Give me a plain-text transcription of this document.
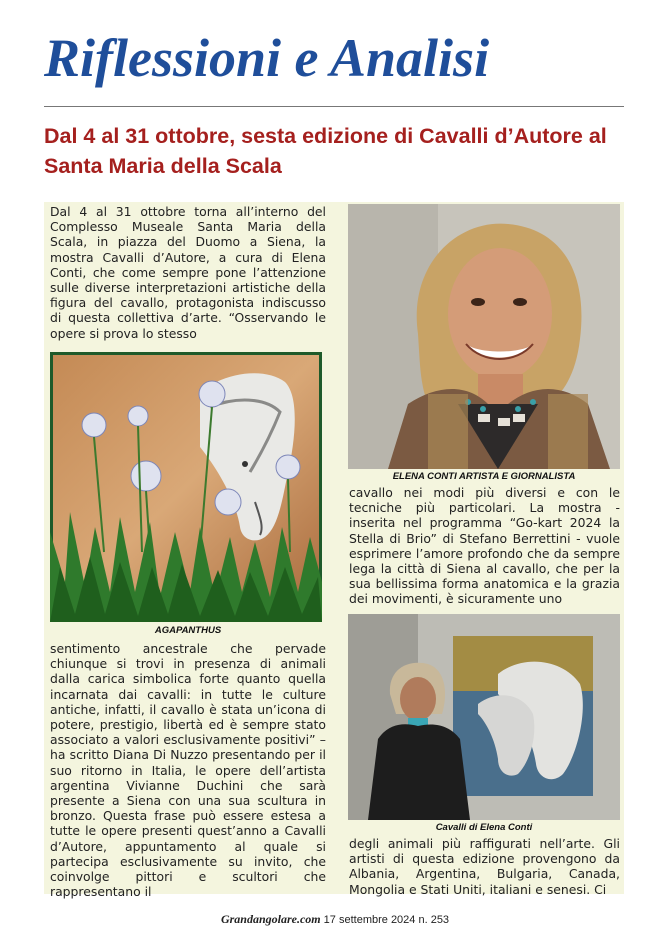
Riflessioni e Analisi
Dal 4 al 31 ottobre, sesta edizione di Cavalli d’Autore al Santa Maria della Scala
AGAPANTHUS
ELENA CONTI ARTISTA E GIORNALISTA
Cavalli di Elena Conti
Dal 4 al 31 ottobre torna all’interno del Complesso Museale Santa Maria della Scala, in piazza del Duomo a Siena, la mostra Cavalli d’Autore, a cura di Elena Conti, che come sempre pone l’attenzione sulle diverse interpretazioni artistiche della figura del cavallo, protagonista indiscusso di questa collettiva d’arte. “Osservando le opere si prova lo stesso
sentimento ancestrale che pervade chiunque si trovi in presenza di animali dalla carica simbolica forte quanto quella incarnata dai cavalli: in tutte le culture antiche, infatti, il cavallo è stata un’icona di potere, prestigio, libertà ed è sempre stato associato a valori esclusivamente positivi” – ha scritto Diana Di Nuzzo presentando per il suo ritorno in Italia, le opere dell’artista argentina Vivianne Duchini che sarà presente a Siena con una sua scultura in bronzo. Questa frase può essere estesa a tutte le opere presenti quest’anno a Cavalli d’Autore, appuntamento al quale si partecipa esclusivamente su invito, che coinvolge pittori e scultori che rappresentano il
cavallo nei modi più diversi e con le tecniche più particolari. La mostra - inserita nel programma “Go-kart 2024 la Stella di Brio” di Stefano Berrettini - vuole esprimere l’amore profondo che da sempre lega la città di Siena al cavallo, che per la sua bellissima forma anatomica e la grazia dei movimenti, è sicuramente uno
degli animali più raffigurati nell’arte. Gli artisti di questa edizione provengono da Albania, Argentina, Bulgaria, Canada, Mongolia e Stati Uniti, italiani e senesi. Ci
Grandangolare.com 17 settembre 2024 n. 253
